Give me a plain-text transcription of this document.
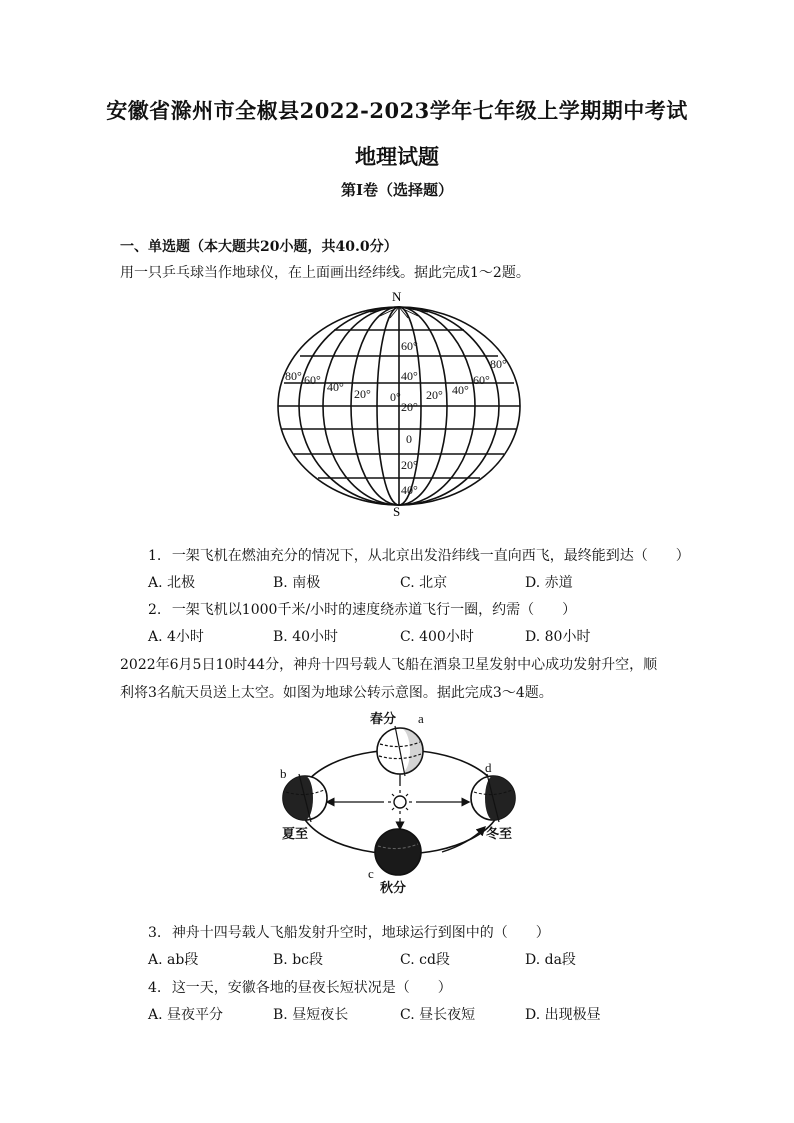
安徽省滁州市全椒县2022-2023学年七年级上学期期中考试
地理试题
第I卷（选择题）
一、单选题（本大题共20小题，共40.0分）
用一只乒乓球当作地球仪，在上面画出经纬线。据此完成1～2题。
N
S
60°
40°
20°
0° 20° 40°
60°
80°
80° 60° 40° 20°
0
20°
40°
1. 一架飞机在燃油充分的情况下，从北京出发沿纬线一直向西飞，最终能到达（　　）
A. 北极	B. 南极	C. 北京	D. 赤道
2. 一架飞机以1000千米/小时的速度绕赤道飞行一圈，约需（　　）
A. 4小时	B. 40小时	C. 400小时	D. 80小时
2022年6月5日10时44分，神舟十四号载人飞船在酒泉卫星发射中心成功发射升空，顺
利将3名航天员送上太空。如图为地球公转示意图。据此完成3～4题。
春分 a
b	d
夏至	冬至
c
秋分
3. 神舟十四号载人飞船发射升空时，地球运行到图中的（　　）
A. ab段	B. bc段	C. cd段	D. da段
4. 这一天，安徽各地的昼夜长短状况是（　　）
A. 昼夜平分	B. 昼短夜长	C. 昼长夜短	D. 出现极昼
